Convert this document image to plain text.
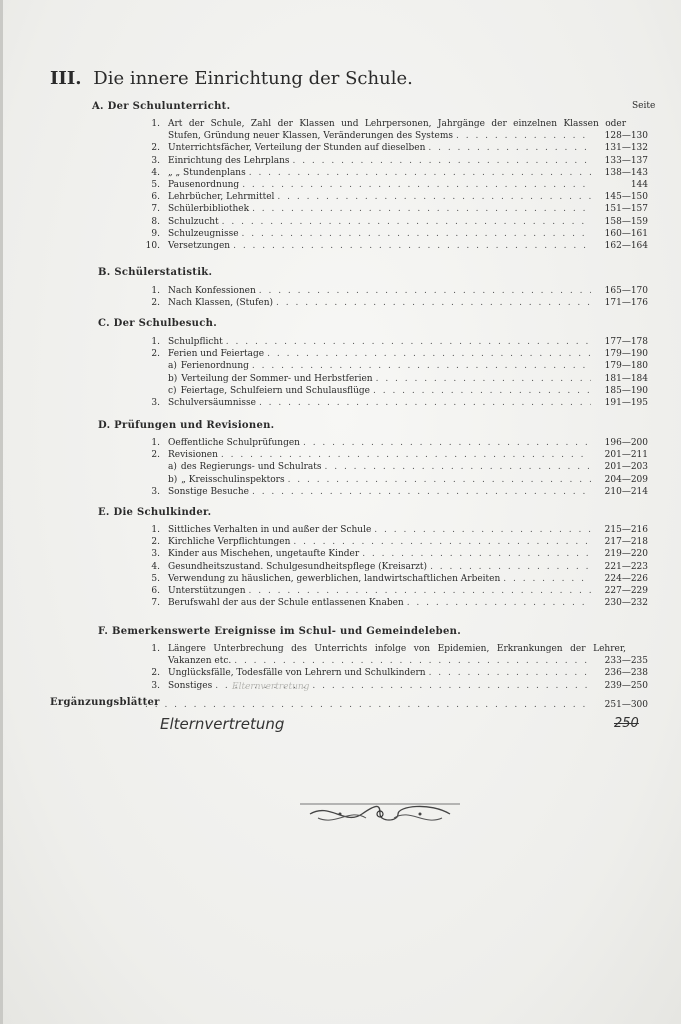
III. Die innere Einrichtung der Schule.
Seite
A. Der Schulunterricht.
Art der Schule, Zahl der Klassen und Lehrpersonen, Jahrgänge der einzelnen Klassen oder
1.
Stufen, Gründung neuer Klassen, Veränderungen des Systems . . .	128—130
2. Unterrichtsfächer, Verteilung der Stunden auf dieselben . . .	131—132
3. Einrichtung des Lehrplans . . .	133—137
4. „ „ Stundenplans . . .	138—143
5. Pausenordnung . . .	144
6. Lehrbücher, Lehrmittel . . .	145—150
7. Schülerbibliothek . . .	151—157
8. Schulzucht . . .	158—159
9. Schulzeugnisse . . .	160—161
10. Versetzungen . . .	162—164
B. Schülerstatistik.
1. Nach Konfessionen . . .	165—170
2. Nach Klassen, (Stufen) . . .	171—176
C. Der Schulbesuch.
1. Schulpflicht . . .	177—178
2. Ferien und Feiertage . . .	179—190
a) Ferienordnung . . .	179—180
b) Verteilung der Sommer- und Herbstferien . . .	181—184
c) Feiertage, Schulfeiern und Schulausflüge . . .	185—190
3. Schulversäumnisse . . .	191—195
D. Prüfungen und Revisionen.
1. Oeffentliche Schulprüfungen . . .	196—200
2. Revisionen . . .	201—211
a) des Regierungs- und Schulrats . . .	201—203
b) „ Kreisschulinspektors . . .	204—209
3. Sonstige Besuche . . .	210—214
E. Die Schulkinder.
1. Sittliches Verhalten in und außer der Schule . . .	215—216
2. Kirchliche Verpflichtungen . . .	217—218
3. Kinder aus Mischehen, ungetaufte Kinder . . .	219—220
4. Gesundheitszustand. Schulgesundheitspflege (Kreisarzt) . . .	221—223
5. Verwendung zu häuslichen, gewerblichen, landwirtschaftlichen Arbeiten . . .	224—226
6. Unterstützungen . . .	227—229
7. Berufswahl der aus der Schule entlassenen Knaben . . .	230—232
F. Bemerkenswerte Ereignisse im Schul- und Gemeindeleben.
Längere Unterbrechung des Unterrichts infolge von Epidemien, Erkrankungen der Lehrer,
1.
Vakanzen etc. . . .	233—235
2. Unglücksfälle, Todesfälle von Lehrern und Schulkindern . . .	236—238
3. Sonstiges . . .	239—250
Ergänzungsblätter . . .	251—300
Elternvertretung
Elternvertretung	250
